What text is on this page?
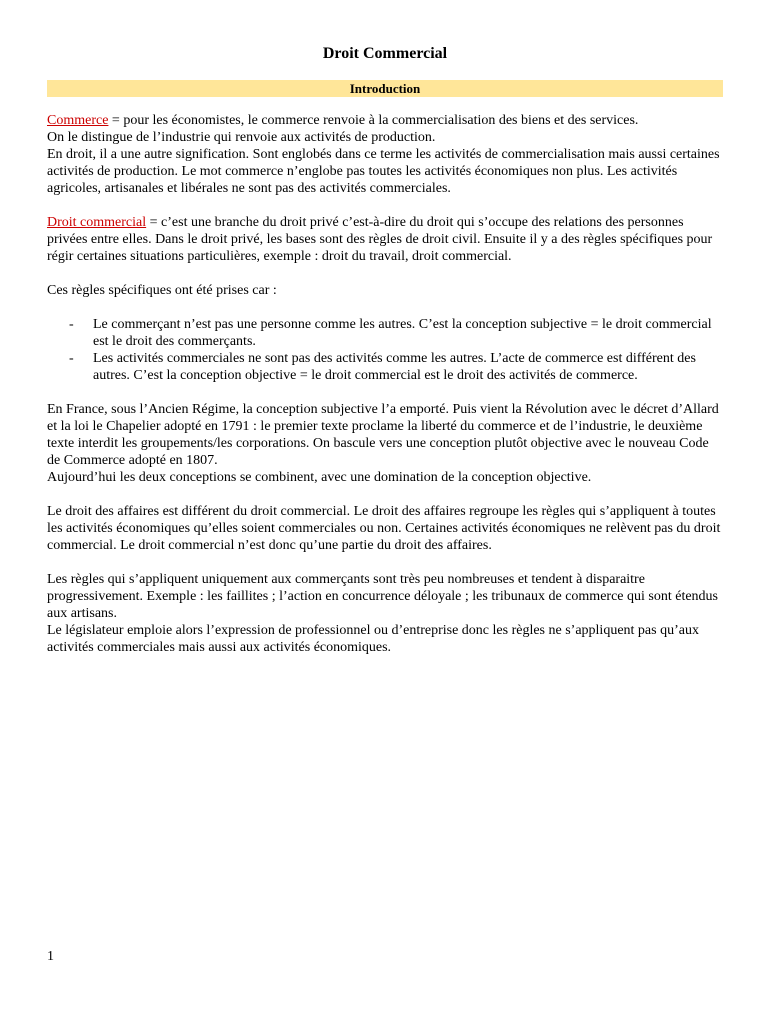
Droit Commercial
Introduction

Commerce = pour les économistes, le commerce renvoie à la commercialisation des biens et des services.
On le distingue de l’industrie qui renvoie aux activités de production.
En droit, il a une autre signification. Sont englobés dans ce terme les activités de commercialisation mais aussi certaines activités de production. Le mot commerce n’englobe pas toutes les activités économiques non plus. Les activités agricoles, artisanales et libérales ne sont pas des activités commerciales.

Droit commercial = c’est une branche du droit privé c’est-à-dire du droit qui s’occupe des relations des personnes privées entre elles. Dans le droit privé, les bases sont des règles de droit civil. Ensuite il y a des règles spécifiques pour régir certaines situations particulières, exemple : droit du travail, droit commercial.

Ces règles spécifiques ont été prises car :

- Le commerçant n’est pas une personne comme les autres. C’est la conception subjective = le droit commercial est le droit des commerçants.
- Les activités commerciales ne sont pas des activités comme les autres. L’acte de commerce est différent des autres. C’est la conception objective = le droit commercial est le droit des activités de commerce.

En France, sous l’Ancien Régime, la conception subjective l’a emporté. Puis vient la Révolution avec le décret d’Allard et la loi le Chapelier adopté en 1791 : le premier texte proclame la liberté du commerce et de l’industrie, le deuxième texte interdit les groupements/les corporations. On bascule vers une conception plutôt objective avec le nouveau Code de Commerce adopté en 1807.
Aujourd’hui les deux conceptions se combinent, avec une domination de la conception objective.

Le droit des affaires est différent du droit commercial. Le droit des affaires regroupe les règles qui s’appliquent à toutes les activités économiques qu’elles soient commerciales ou non. Certaines activités économiques ne relèvent pas du droit commercial. Le droit commercial n’est donc qu’une partie du droit des affaires.

Les règles qui s’appliquent uniquement aux commerçants sont très peu nombreuses et tendent à disparaitre progressivement. Exemple : les faillites ; l’action en concurrence déloyale ; les tribunaux de commerce qui sont étendus aux artisans.
Le législateur emploie alors l’expression de professionnel ou d’entreprise donc les règles ne s’appliquent pas qu’aux activités commerciales mais aussi aux activités économiques.

1
